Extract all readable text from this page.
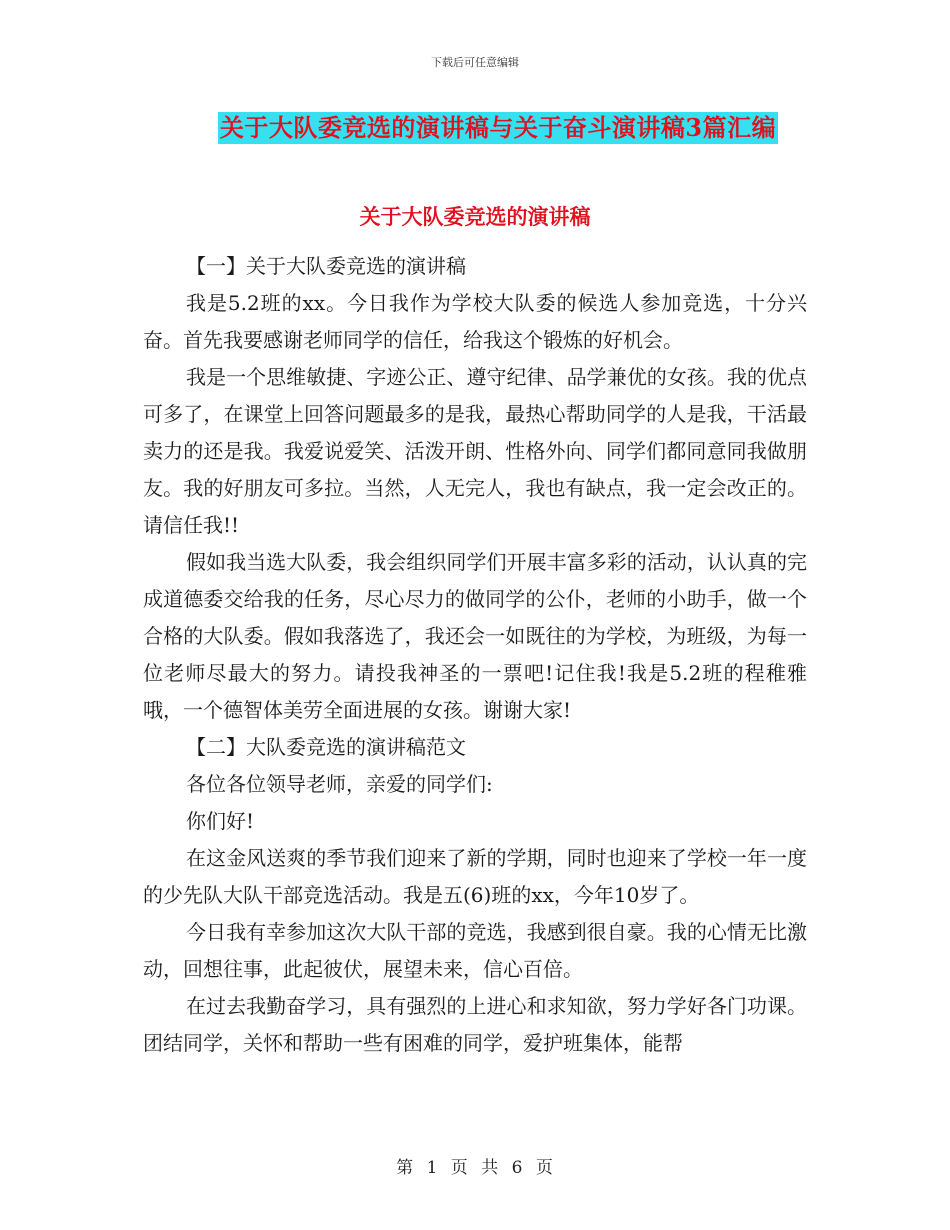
下载后可任意编辑
关于大队委竞选的演讲稿与关于奋斗演讲稿3篇汇编
关于大队委竞选的演讲稿

【一】关于大队委竞选的演讲稿

我是5.2班的xx。今日我作为学校大队委的候选人参加竞选，十分兴奋。首先我要感谢老师同学的信任，给我这个锻炼的好机会。

我是一个思维敏捷、字迹公正、遵守纪律、品学兼优的女孩。我的优点可多了，在课堂上回答问题最多的是我，最热心帮助同学的人是我，干活最卖力的还是我。我爱说爱笑、活泼开朗、性格外向、同学们都同意同我做朋友。我的好朋友可多拉。当然，人无完人，我也有缺点，我一定会改正的。请信任我!!

假如我当选大队委，我会组织同学们开展丰富多彩的活动，认认真的完成道德委交给我的任务，尽心尽力的做同学的公仆，老师的小助手，做一个合格的大队委。假如我落选了，我还会一如既往的为学校，为班级，为每一位老师尽最大的努力。请投我神圣的一票吧!记住我!我是5.2班的程稚雅哦，一个德智体美劳全面进展的女孩。谢谢大家!

【二】大队委竞选的演讲稿范文

各位各位领导老师，亲爱的同学们:

你们好!

在这金风送爽的季节我们迎来了新的学期，同时也迎来了学校一年一度的少先队大队干部竞选活动。我是五(6)班的xx，今年10岁了。

今日我有幸参加这次大队干部的竞选，我感到很自豪。我的心情无比激动，回想往事，此起彼伏，展望未来，信心百倍。

在过去我勤奋学习，具有强烈的上进心和求知欲，努力学好各门功课。团结同学，关怀和帮助一些有困难的同学，爱护班集体，能帮

第 1 页 共 6 页
